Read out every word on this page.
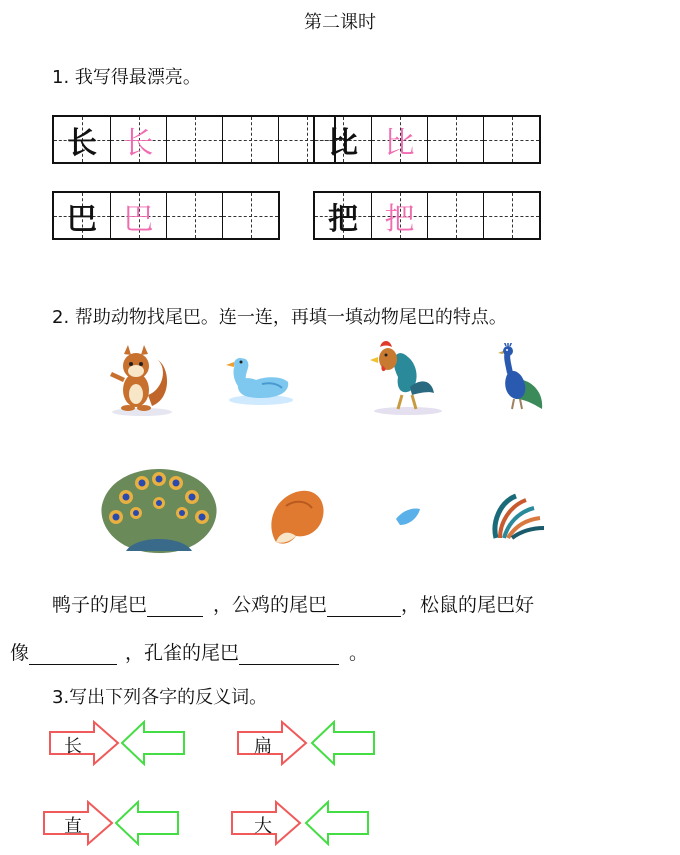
第二课时
1. 我写得最漂亮。
长 长	比 比
巴 巴	把 把
2. 帮助动物找尾巴。连一连，再填一填动物尾巴的特点。
鸭子的尾巴	，公鸡的尾巴	，松鼠的尾巴好
像	，孔雀的尾巴	。
3.写出下列各字的反义词。
长	扁
直	大
